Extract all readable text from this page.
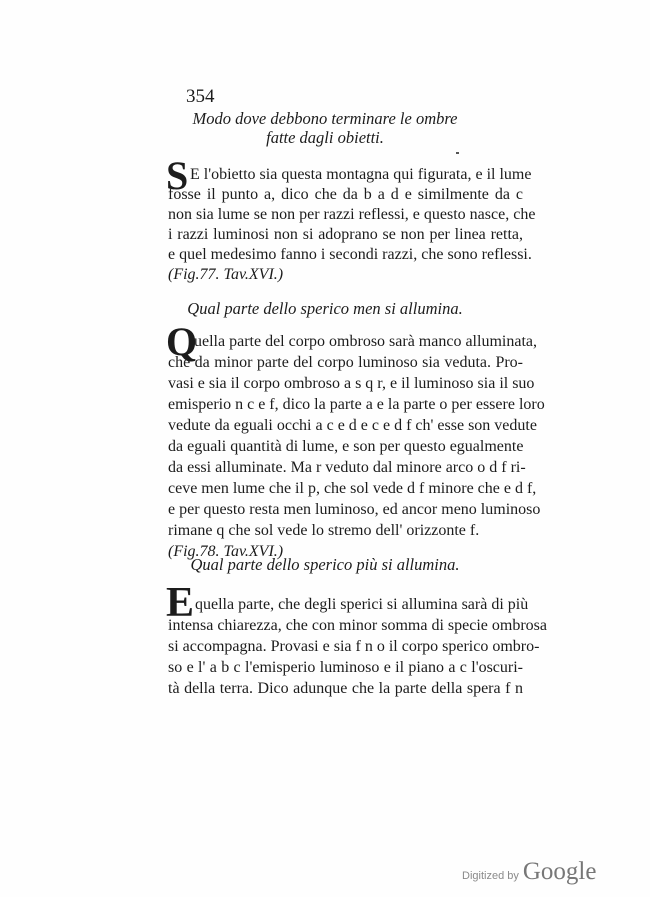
354
Modo dove debbono terminare le ombre
fatte dagli obietti.
S E l'obietto sia questa montagna qui figurata, e il lume
fosse il punto a, dico che da b a d e similmente da c
non sia lume se non per razzi reflessi, e questo nasce, che
i razzi luminosi non si adoprano se non per linea retta,
e quel medesimo fanno i secondi razzi, che sono reflessi.
(Fig.77. Tav.XVI.)
Qual parte dello sperico men si allumina.
Q
uella parte del corpo ombroso sarà manco alluminata,
che da minor parte del corpo luminoso sia veduta. Pro-
vasi e sia il corpo ombroso a s q r, e il luminoso sia il suo
emisperio n c e f, dico la parte a e la parte o per essere loro
vedute da eguali occhi a c e d e c e d f ch' esse son vedute
da eguali quantità di lume, e son per questo egualmente
da essi alluminate. Ma r veduto dal minore arco o d f ri-
ceve men lume che il p, che sol vede d f minore che e d f,
e per questo resta men luminoso, ed ancor meno luminoso
rimane q che sol vede lo stremo dell' orizzonte f.
(Fig.78. Tav.XVI.)
Qual parte dello sperico più si allumina.
E quella parte, che degli sperici si allumina sarà di più
intensa chiarezza, che con minor somma di specie ombrosa
si accompagna. Provasi e sia f n o il corpo sperico ombro-
so e l' a b c l'emisperio luminoso e il piano a c l'oscuri-
tà della terra. Dico adunque che la parte della spera f n
Digitized by Google
